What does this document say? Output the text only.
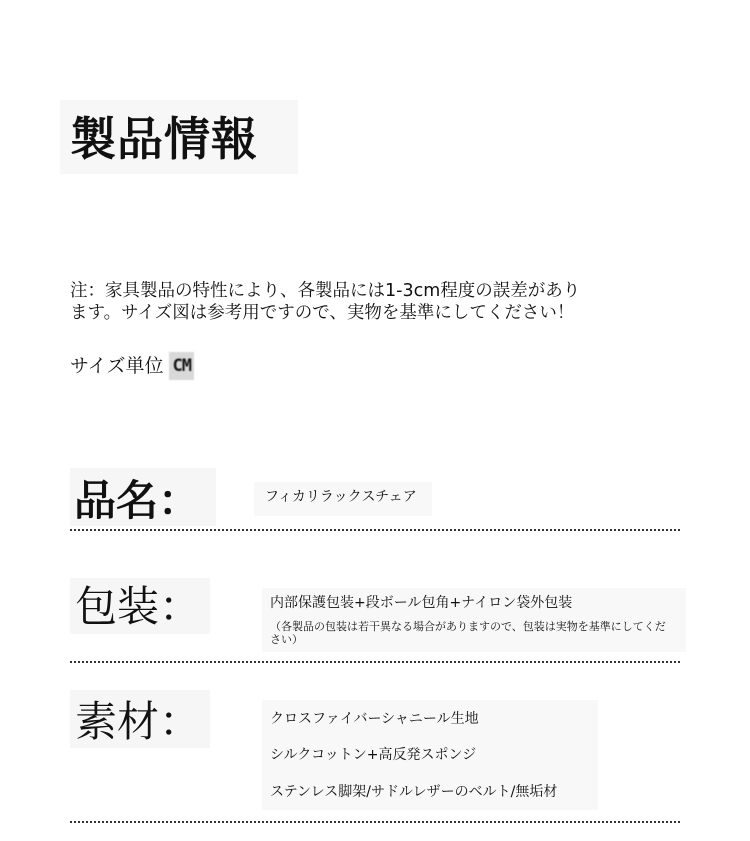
製品情報
注：家具製品の特性により、各製品には1-3cm程度の誤差があり
ます。サイズ図は参考用ですので、実物を基準にしてください！
サイズ単位 CM
品名：	フィカリラックスチェア
包装：	内部保護包装+段ボール包角+ナイロン袋外包装
（各製品の包装は若干異なる場合がありますので、包装は実物を基準にしてください）
素材：	クロスファイバーシャニール生地
シルクコットン+高反発スポンジ
ステンレス脚架/サドルレザーのベルト/無垢材
